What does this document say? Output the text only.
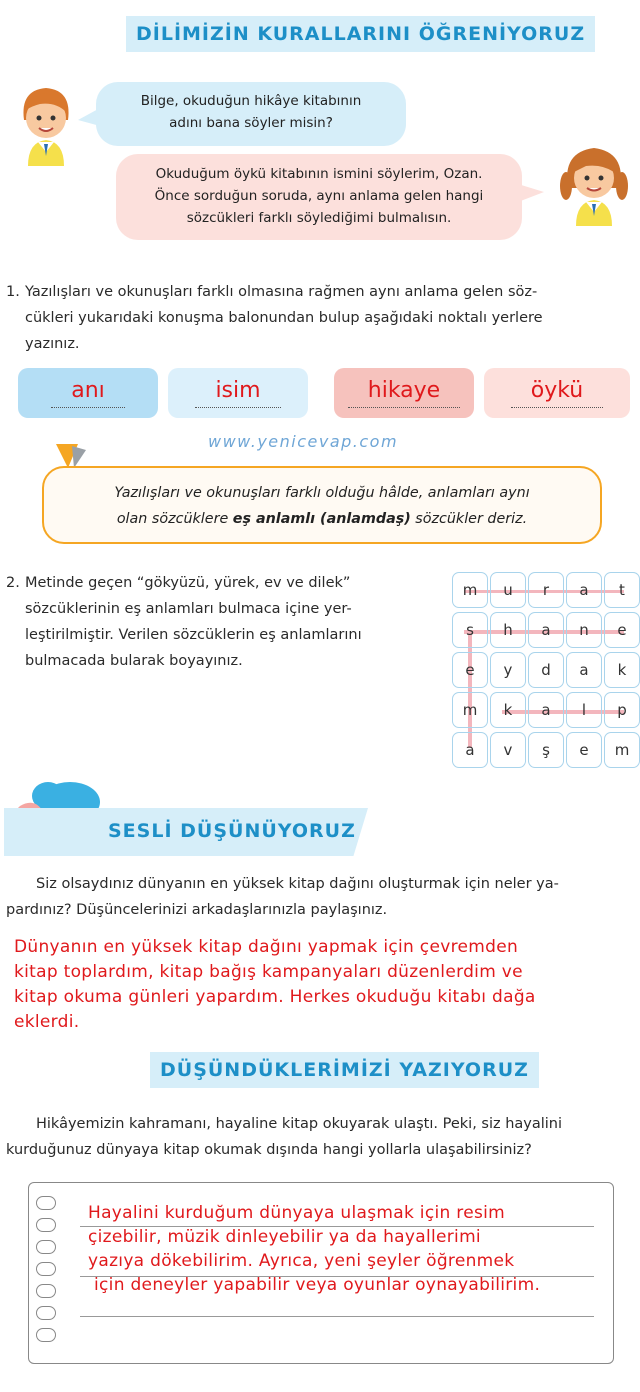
DİLİMİZİN KURALLARINI ÖĞRENİYORUZ
Bilge, okuduğun hikâye kitabının
adını bana söyler misin?
Okuduğum öykü kitabının ismini söylerim, Ozan.
Önce sorduğun soruda, aynı anlama gelen hangi
sözcükleri farklı söylediğimi bulmalısın.
1. Yazılışları ve okunuşları farklı olmasına rağmen aynı anlama gelen söz-
cükleri yukarıdaki konuşma balonundan bulup aşağıdaki noktalı yerlere
yazınız.
anı	isim	hikaye	öykü
www.yenicevap.com
Yazılışları ve okunuşları farklı olduğu hâlde, anlamları aynı
olan sözcüklere eş anlamlı (anlamdaş) sözcükler deriz.
2. Metinde geçen “gökyüzü, yürek, ev ve dilek”
sözcüklerinin eş anlamları bulmaca içine yer-
leştirilmiştir. Verilen sözcüklerin eş anlamlarını
bulmacada bularak boyayınız.
m	u	r	a	t
s	h	a	n	e
e	y	d	a	k
m	k	a	l	p
a	v	ş	e	m
SESLİ DÜŞÜNÜYORUZ
Siz olsaydınız dünyanın en yüksek kitap dağını oluşturmak için neler ya-
pardınız? Düşüncelerinizi arkadaşlarınızla paylaşınız.
Dünyanın en yüksek kitap dağını yapmak için çevremden
kitap toplardım, kitap bağış kampanyaları düzenlerdim ve
kitap okuma günleri yapardım. Herkes okuduğu kitabı dağa
eklerdi.
DÜŞÜNDÜKLERİMİZİ YAZIYORUZ
Hikâyemizin kahramanı, hayaline kitap okuyarak ulaştı. Peki, siz hayalini
kurduğunuz dünyaya kitap okumak dışında hangi yollarla ulaşabilirsiniz?
Hayalini kurduğum dünyaya ulaşmak için resim
çizebilir, müzik dinleyebilir ya da hayallerimi
yazıya dökebilirim. Ayrıca, yeni şeyler öğrenmek
için deneyler yapabilir veya oyunlar oynayabilirim.
